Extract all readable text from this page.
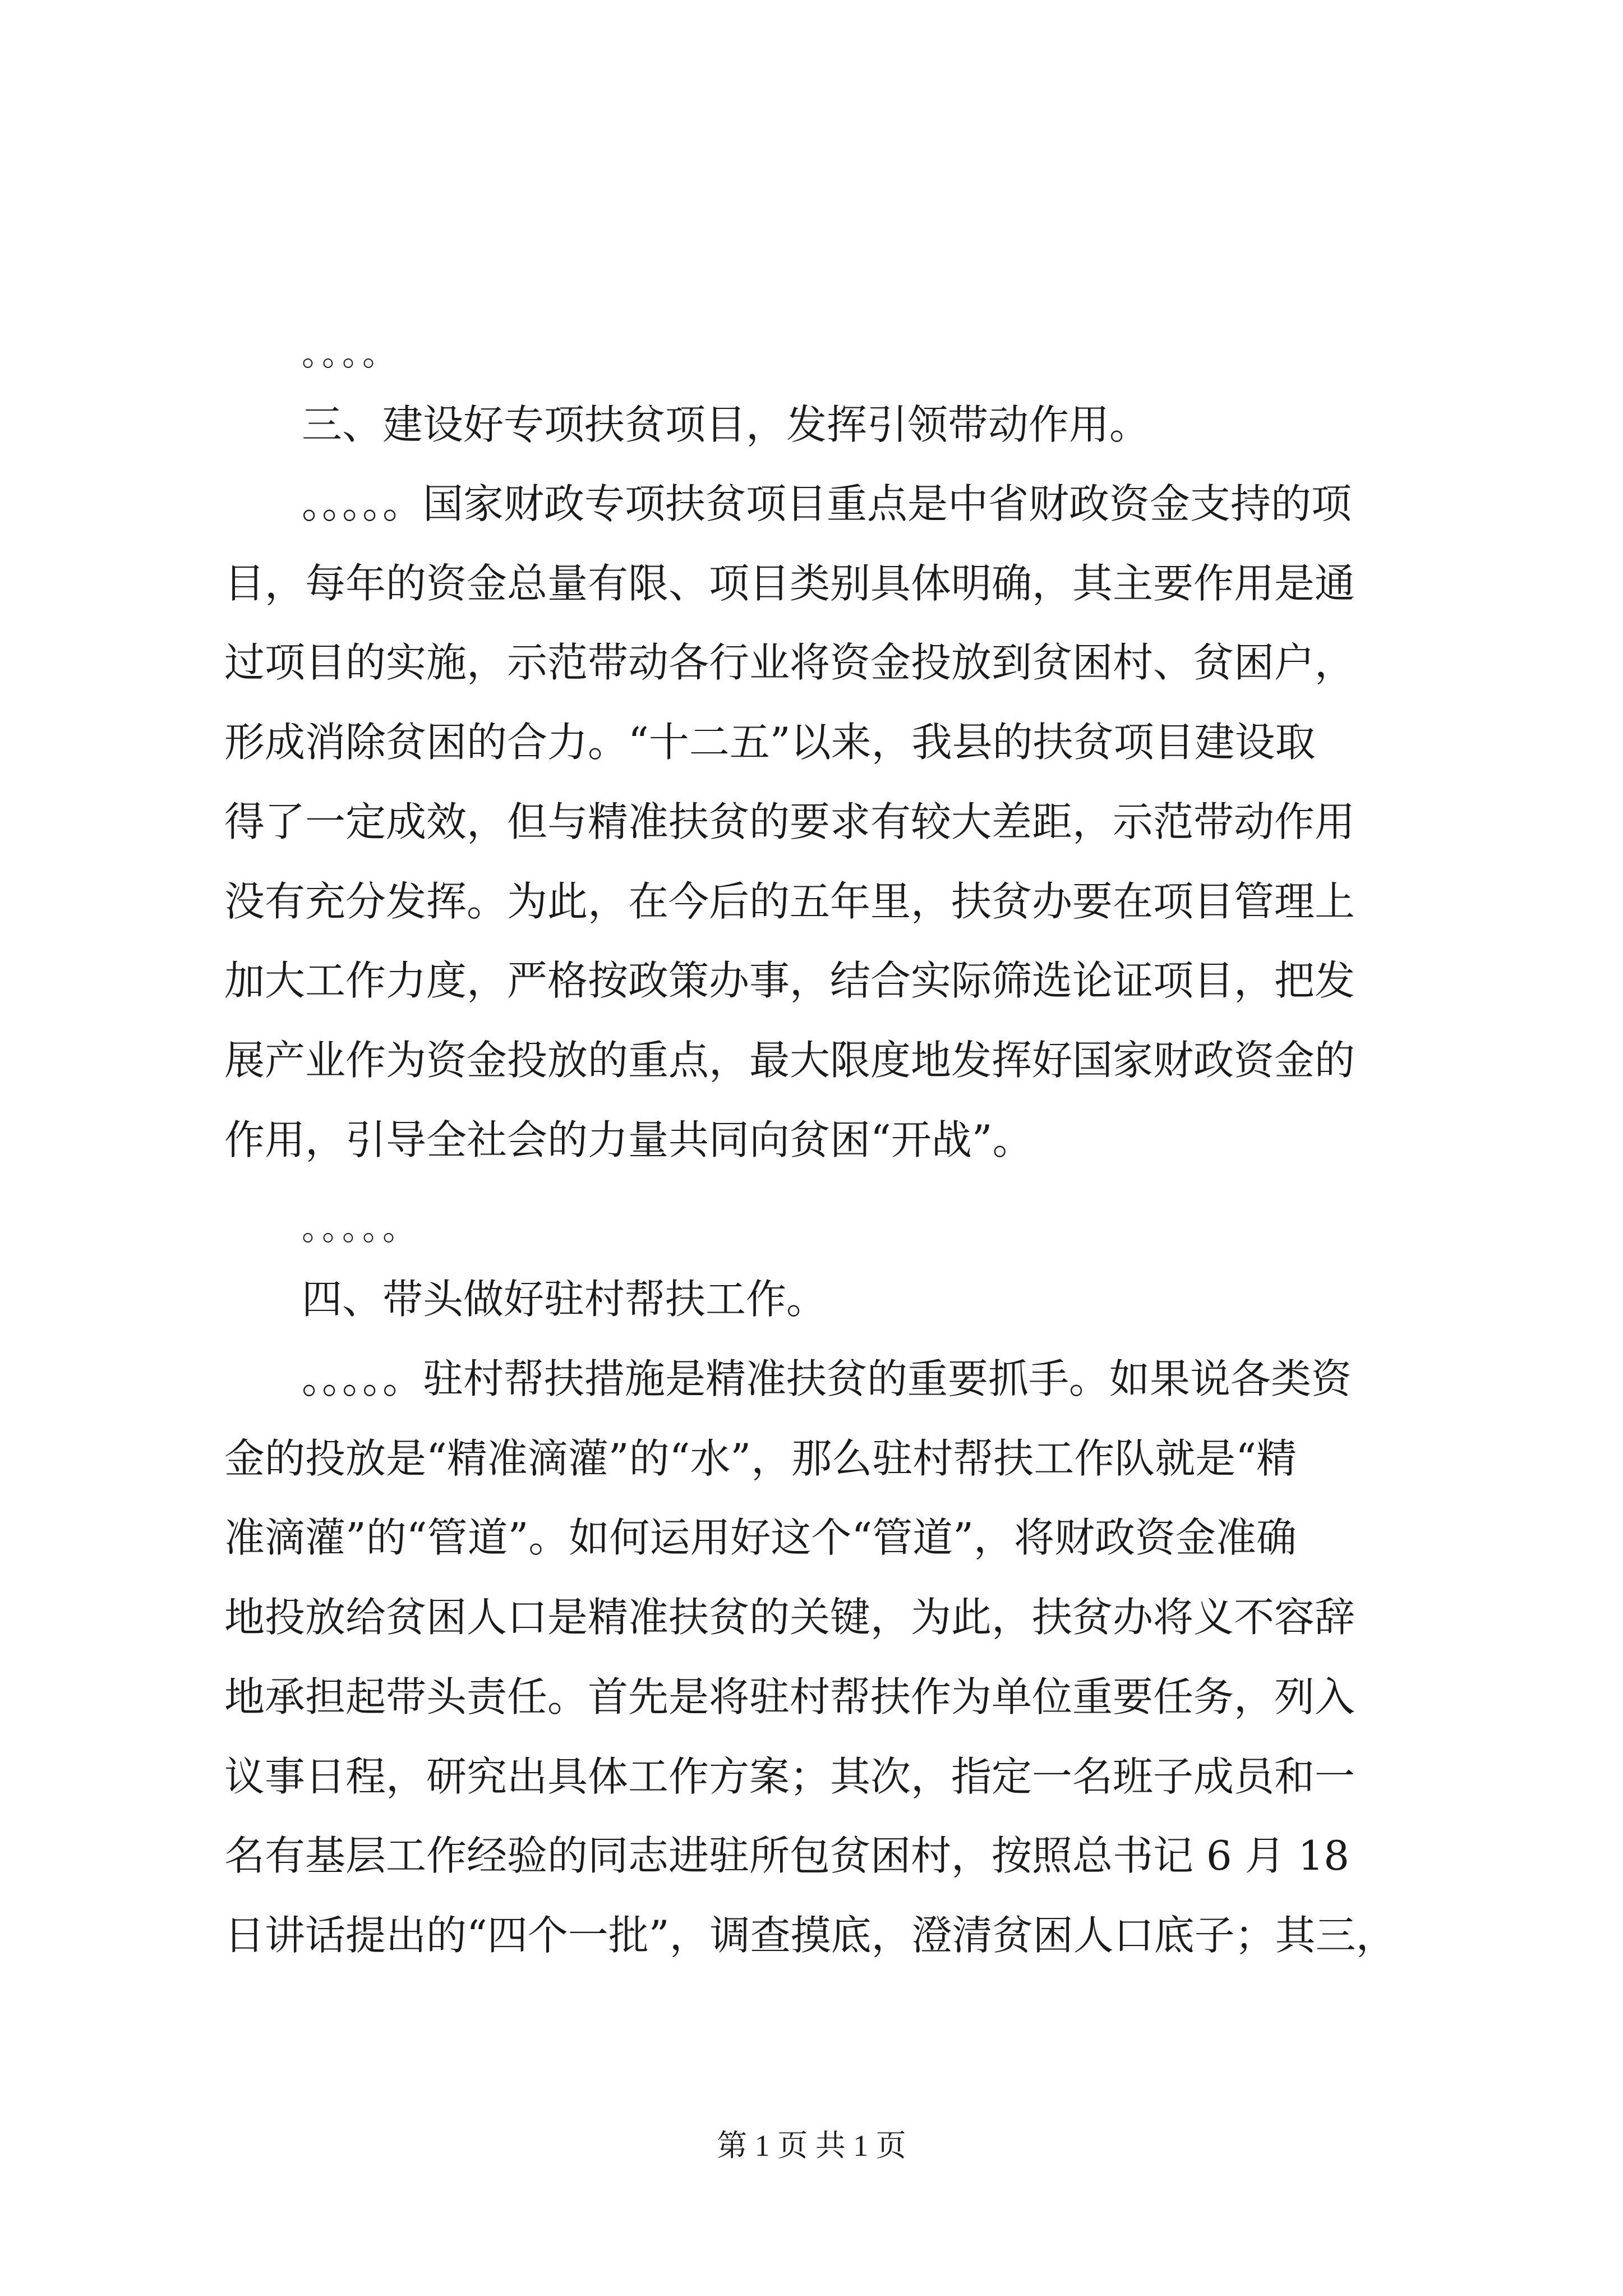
。。。。
三、建设好专项扶贫项目，发挥引领带动作用。
。。。。。国家财政专项扶贫项目重点是中省财政资金支持的项
目，每年的资金总量有限、项目类别具体明确，其主要作用是通
过项目的实施，示范带动各行业将资金投放到贫困村、贫困户，
形成消除贫困的合力。“十二五”以来，我县的扶贫项目建设取
得了一定成效，但与精准扶贫的要求有较大差距，示范带动作用
没有充分发挥。为此，在今后的五年里，扶贫办要在项目管理上
加大工作力度，严格按政策办事，结合实际筛选论证项目，把发
展产业作为资金投放的重点，最大限度地发挥好国家财政资金的
作用，引导全社会的力量共同向贫困“开战”。
。。。。。
四、带头做好驻村帮扶工作。
。。。。。驻村帮扶措施是精准扶贫的重要抓手。如果说各类资
金的投放是“精准滴灌”的“水”，那么驻村帮扶工作队就是“精
准滴灌”的“管道”。如何运用好这个“管道”，将财政资金准确
地投放给贫困人口是精准扶贫的关键，为此，扶贫办将义不容辞
地承担起带头责任。首先是将驻村帮扶作为单位重要任务，列入
议事日程，研究出具体工作方案；其次，指定一名班子成员和一
名有基层工作经验的同志进驻所包贫困村，按照总书记 6 月 18
日讲话提出的“四个一批”，调查摸底，澄清贫困人口底子；其三，
第 1 页 共 1 页
